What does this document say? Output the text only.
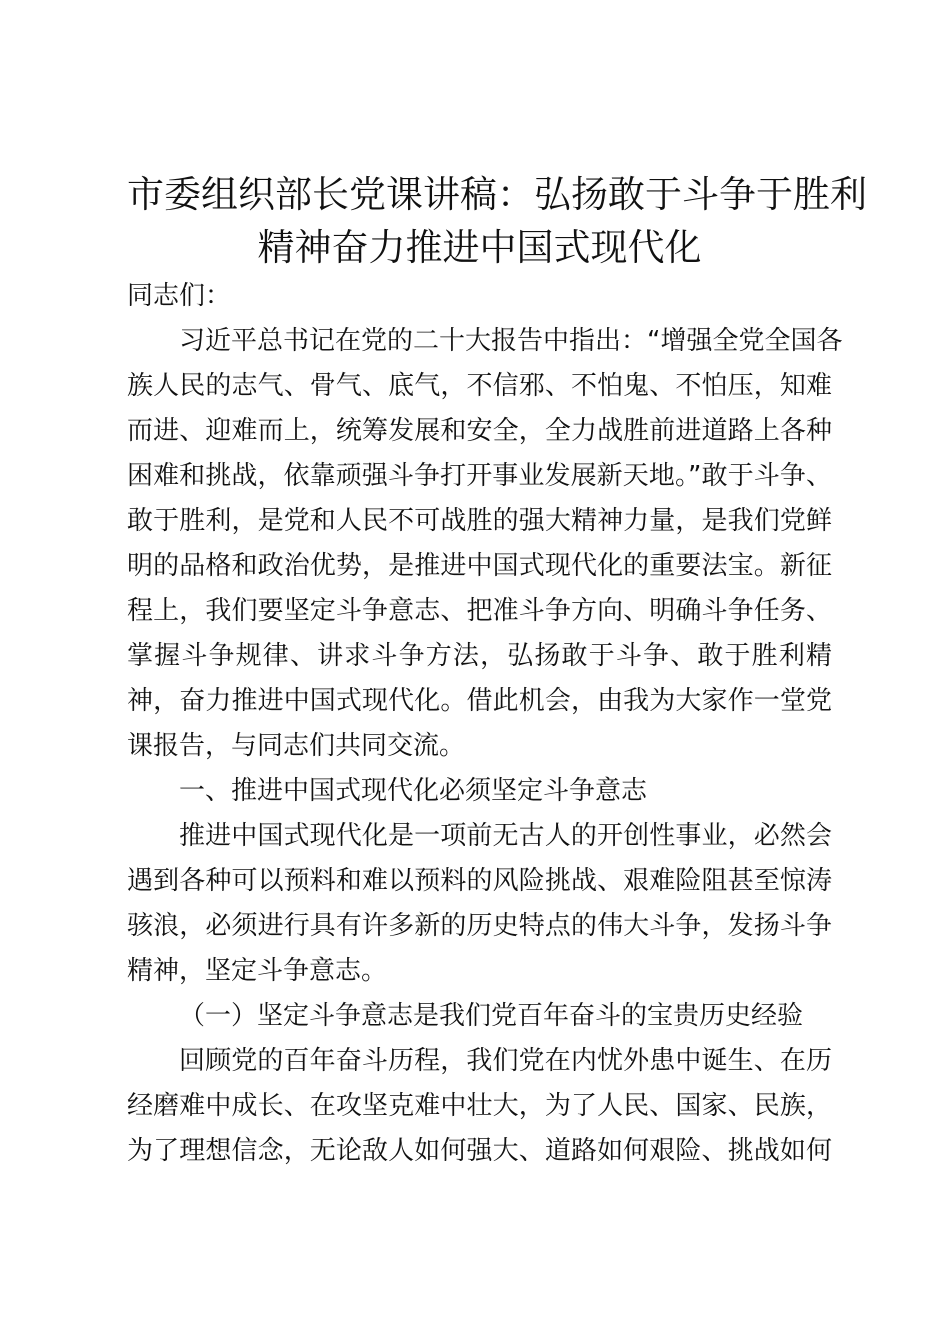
市委组织部长党课讲稿：弘扬敢于斗争于胜利
精神奋力推进中国式现代化

同志们：

习近平总书记在党的二十大报告中指出：“增强全党全国各
族人民的志气、骨气、底气，不信邪、不怕鬼、不怕压，知难
而进、迎难而上，统筹发展和安全，全力战胜前进道路上各种
困难和挑战，依靠顽强斗争打开事业发展新天地。”敢于斗争、
敢于胜利，是党和人民不可战胜的强大精神力量，是我们党鲜
明的品格和政治优势，是推进中国式现代化的重要法宝。新征
程上，我们要坚定斗争意志、把准斗争方向、明确斗争任务、
掌握斗争规律、讲求斗争方法，弘扬敢于斗争、敢于胜利精
神，奋力推进中国式现代化。借此机会，由我为大家作一堂党
课报告，与同志们共同交流。

一、推进中国式现代化必须坚定斗争意志

推进中国式现代化是一项前无古人的开创性事业，必然会
遇到各种可以预料和难以预料的风险挑战、艰难险阻甚至惊涛
骇浪，必须进行具有许多新的历史特点的伟大斗争，发扬斗争
精神，坚定斗争意志。

（一）坚定斗争意志是我们党百年奋斗的宝贵历史经验

回顾党的百年奋斗历程，我们党在内忧外患中诞生、在历
经磨难中成长、在攻坚克难中壮大，为了人民、国家、民族，
为了理想信念，无论敌人如何强大、道路如何艰险、挑战如何
